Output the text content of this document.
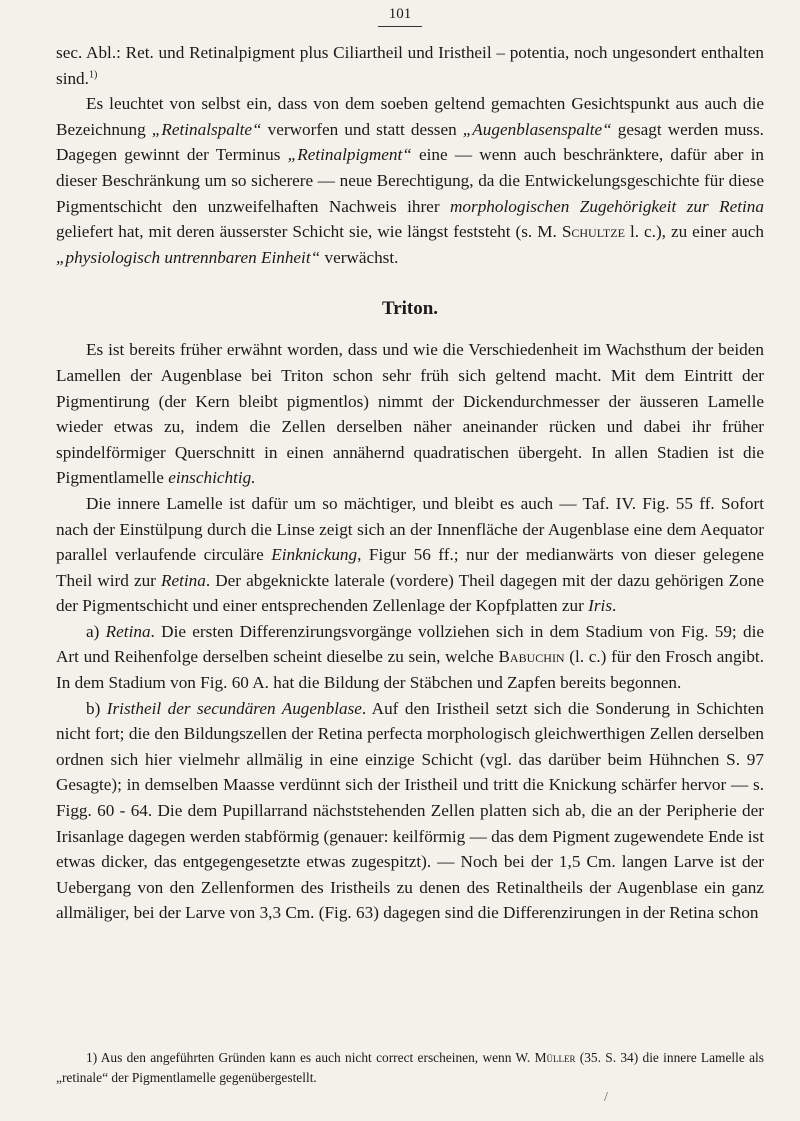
101

sec. Abl.: Ret. und Retinalpigment plus Ciliartheil und Iristheil – potentia, noch ungesondert enthalten sind.$^{1)}$

Es leuchtet von selbst ein, dass von dem soeben geltend gemachten Gesichtspunkt aus auch die Bezeichnung „Retinalspalte“ verworfen und statt dessen „Augenblasenspalte“ gesagt werden muss. Dagegen gewinnt der Terminus „Retinalpigment“ eine — wenn auch beschränktere, dafür aber in dieser Beschränkung um so sicherere — neue Berechtigung, da die Entwickelungsgeschichte für diese Pigmentschicht den unzweifelhaften Nachweis ihrer morphologischen Zugehörigkeit zur Retina geliefert hat, mit deren äusserster Schicht sie, wie längst feststeht (s. M. Schultze l. c.), zu einer auch „physiologisch untrennbaren Einheit“ verwächst.

Triton.

Es ist bereits früher erwähnt worden, dass und wie die Verschiedenheit im Wachsthum der beiden Lamellen der Augenblase bei Triton schon sehr früh sich geltend macht. Mit dem Eintritt der Pigmentirung (der Kern bleibt pigmentlos) nimmt der Dickendurchmesser der äusseren Lamelle wieder etwas zu, indem die Zellen derselben näher aneinander rücken und dabei ihr früher spindelförmiger Querschnitt in einen annähernd quadratischen übergeht. In allen Stadien ist die Pigmentlamelle einschichtig.

Die innere Lamelle ist dafür um so mächtiger, und bleibt es auch — Taf. IV. Fig. 55 ff. Sofort nach der Einstülpung durch die Linse zeigt sich an der Innenfläche der Augenblase eine dem Aequator parallel verlaufende circuläre Einknickung, Figur 56 ff.; nur der medianwärts von dieser gelegene Theil wird zur Retina. Der abgeknickte laterale (vordere) Theil dagegen mit der dazu gehörigen Zone der Pigmentschicht und einer entsprechenden Zellenlage der Kopfplatten zur Iris.

a) Retina. Die ersten Differenzirungsvorgänge vollziehen sich in dem Stadium von Fig. 59; die Art und Reihenfolge derselben scheint dieselbe zu sein, welche Babuchin (l. c.) für den Frosch angibt. In dem Stadium von Fig. 60 A. hat die Bildung der Stäbchen und Zapfen bereits begonnen.

b) Iristheil der secundären Augenblase. Auf den Iristheil setzt sich die Sonderung in Schichten nicht fort; die den Bildungszellen der Retina perfecta morphologisch gleichwerthigen Zellen derselben ordnen sich hier vielmehr allmälig in eine einzige Schicht (vgl. das darüber beim Hühnchen S. 97 Gesagte); in demselben Maasse verdünnt sich der Iristheil und tritt die Knickung schärfer hervor — s. Figg. 60 - 64. Die dem Pupillarrand nächststehenden Zellen platten sich ab, die an der Peripherie der Irisanlage dagegen werden stabförmig (genauer: keilförmig — das dem Pigment zugewendete Ende ist etwas dicker, das entgegengesetzte etwas zugespitzt). — Noch bei der 1,5 Cm. langen Larve ist der Uebergang von den Zellenformen des Iristheils zu denen des Retinaltheils der Augenblase ein ganz allmäliger, bei der Larve von 3,3 Cm. (Fig. 63) dagegen sind die Differenzirungen in der Retina schon

1) Aus den angeführten Gründen kann es auch nicht correct erscheinen, wenn W. Müller (35. S. 34) die innere Lamelle als „retinale“ der Pigmentlamelle gegenübergestellt.

/
